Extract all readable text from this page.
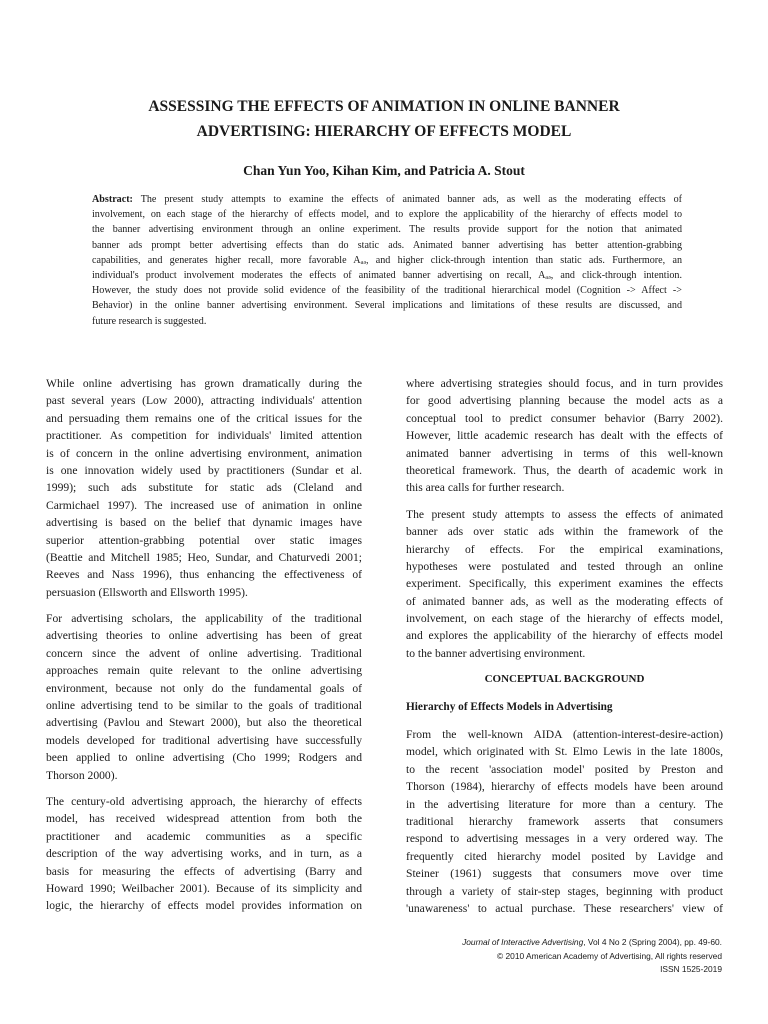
ASSESSING THE EFFECTS OF ANIMATION IN ONLINE BANNER
ADVERTISING: HIERARCHY OF EFFECTS MODEL
Chan Yun Yoo, Kihan Kim, and Patricia A. Stout
Abstract: The present study attempts to examine the effects of animated banner ads, as well as the moderating effects of
involvement, on each stage of the hierarchy of effects model, and to explore the applicability of the hierarchy of effects model to
the banner advertising environment through an online experiment. The results provide support for the notion that animated
banner ads prompt better advertising effects than do static ads. Animated banner advertising has better attention-grabbing
capabilities, and generates higher recall, more favorable Aₐₔ, and higher click-through intention than static ads. Furthermore, an
individual's product involvement moderates the effects of animated banner advertising on recall, Aₐₔ, and click-through intention.
However, the study does not provide solid evidence of the feasibility of the traditional hierarchical model (Cognition -> Affect ->
Behavior) in the online banner advertising environment. Several implications and limitations of these results are discussed, and
future research is suggested.
While online advertising has grown dramatically during the
past several years (Low 2000), attracting individuals' attention
and persuading them remains one of the critical issues for the
practitioner. As competition for individuals' limited attention
is of concern in the online advertising environment, animation
is one innovation widely used by practitioners (Sundar et al.
1999); such ads substitute for static ads (Cleland and
Carmichael 1997). The increased use of animation in online
advertising is based on the belief that dynamic images have
superior attention-grabbing potential over static images
(Beattie and Mitchell 1985; Heo, Sundar, and Chaturvedi 2001;
Reeves and Nass 1996), thus enhancing the effectiveness of
persuasion (Ellsworth and Ellsworth 1995).
For advertising scholars, the applicability of the traditional
advertising theories to online advertising has been of great
concern since the advent of online advertising. Traditional
approaches remain quite relevant to the online advertising
environment, because not only do the fundamental goals of
online advertising tend to be similar to the goals of traditional
advertising (Pavlou and Stewart 2000), but also the theoretical
models developed for traditional advertising have successfully
been applied to online advertising (Cho 1999; Rodgers and
Thorson 2000).
The century-old advertising approach, the hierarchy of effects
model, has received widespread attention from both the
practitioner and academic communities as a specific
description of the way advertising works, and in turn, as a
basis for measuring the effects of advertising (Barry and
Howard 1990; Weilbacher 2001). Because of its simplicity and
logic, the hierarchy of effects model provides information on
where advertising strategies should focus, and in turn provides
for good advertising planning because the model acts as a
conceptual tool to predict consumer behavior (Barry 2002).
However, little academic research has dealt with the effects of
animated banner advertising in terms of this well-known
theoretical framework. Thus, the dearth of academic work in
this area calls for further research.
The present study attempts to assess the effects of animated
banner ads over static ads within the framework of the
hierarchy of effects. For the empirical examinations,
hypotheses were postulated and tested through an online
experiment. Specifically, this experiment examines the effects
of animated banner ads, as well as the moderating effects of
involvement, on each stage of the hierarchy of effects model,
and explores the applicability of the hierarchy of effects model
to the banner advertising environment.
CONCEPTUAL BACKGROUND
Hierarchy of Effects Models in Advertising
From the well-known AIDA (attention-interest-desire-action)
model, which originated with St. Elmo Lewis in the late 1800s,
to the recent 'association model' posited by Preston and
Thorson (1984), hierarchy of effects models have been around
in the advertising literature for more than a century. The
traditional hierarchy framework asserts that consumers
respond to advertising messages in a very ordered way. The
frequently cited hierarchy model posited by Lavidge and
Steiner (1961) suggests that consumers move over time
through a variety of stair-step stages, beginning with product
'unawareness' to actual purchase. These researchers' view of
Journal of Interactive Advertising, Vol 4 No 2 (Spring 2004), pp. 49-60.
© 2010 American Academy of Advertising, All rights reserved
ISSN 1525-2019
